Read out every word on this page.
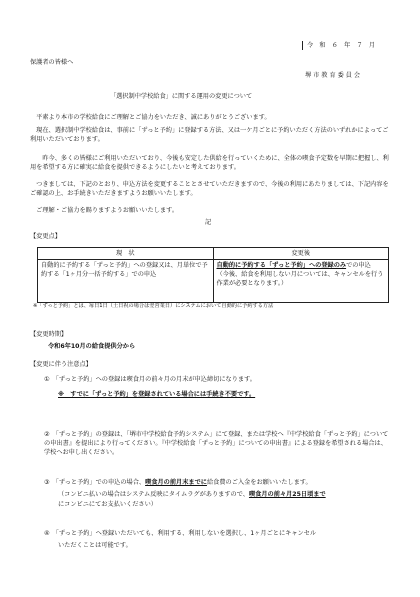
令　和　６　年　７　月
保護者の皆様へ
堺 市 教 育 委 員 会
「選択制中学校給食」に関する運用の変更について
　平素より本市の学校給食にご理解とご協力をいただき、誠にありがとうございます。
　現在、選択制中学校給食は、事前に「ずっと予約」に登録する方法、又は一ケ月ごとに予約いただく方法のいずれかによってご利用いただいております。
　　昨今、多くの皆様にご利用いただいており、今後も安定した供給を行っていくために、全体の喫食予定数を早期に把握し、利用を希望する方に確実に給食を提供できるようにしたいと考えております。
　つきましては、下記のとおり、申込方法を変更することとさせていただきますので、今後の利用にあたりましては、下記内容をご確認の上、お手続きいただきますようお願いいたします。
　ご理解・ご協力を賜りますようお願いいたします。
記
【変更点】
現　状	変更後
自動的に予約する「ずっと予約」への登録又は、月単位で予約する「1ヶ月分一括予約する」での申込	自動的に予約する「ずっと予約」への登録のみでの申込
（今後、給食を利用しない月については、キャンセルを行う作業が必要となります。）
※「ずっと予約」とは、毎日1日（土日祝の場合は翌営業日）にシステムにおいて自動的に予約する方法
【変更時期】
令和6年10月の給食提供分から
【変更に伴う注意点】
①　「ずっと予約」への登録は喫食月の前々月の月末が申込締切になります。
※　すでに「ずっと予約」を登録されている場合には手続き不要です。
②　「ずっと予約」の登録は、「堺市中学校給食予約システム」にて登録、または学校へ『中学校給食「ずっと予約」についての申出書』を提出により行ってください。『中学校給食「ずっと予約」についての申出書』による登録を希望される場合は、学校へお申し出ください。
③　「ずっと予約」での申込の場合、喫食月の前月末までに給食費のご入金をお願いいたします。
（コンビニ払いの場合はシステム反映にタイムラグがありますので、喫食月の前々月25日頃まで
にコンビニにてお支払いください）
④　「ずっと予約」へ登録いただいても、利用する、利用しないを選択し、1ヶ月ごとにキャンセル
いただくことは可能です。
